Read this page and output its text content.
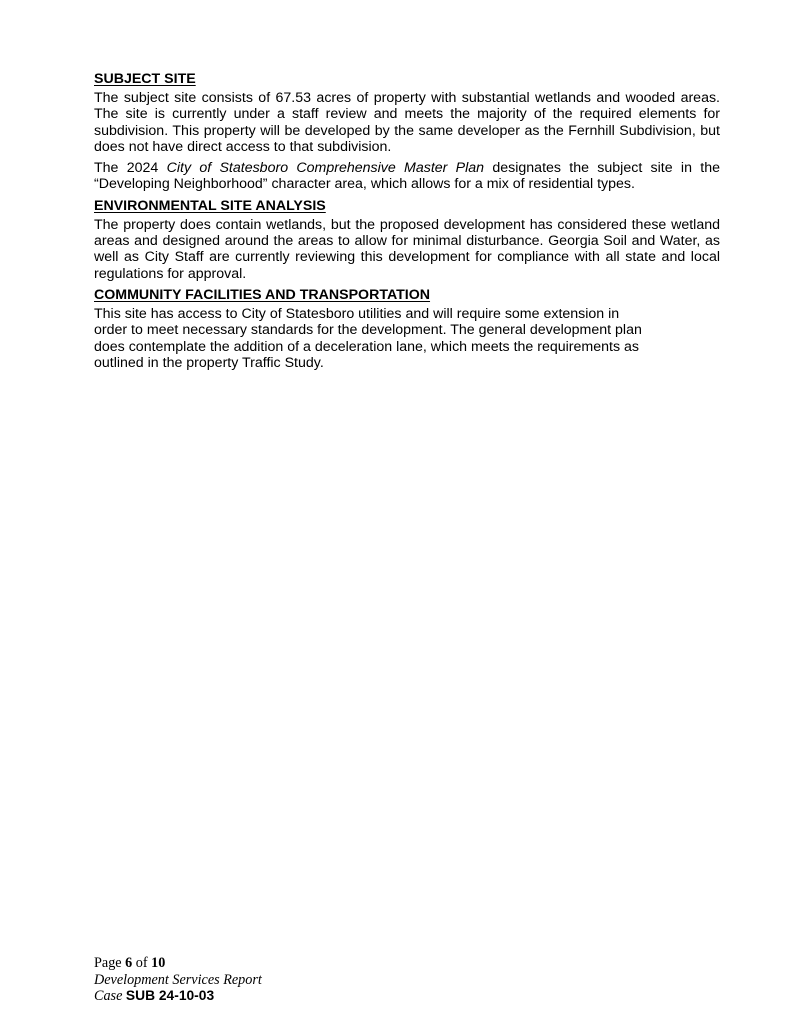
SUBJECT SITE

The subject site consists of 67.53 acres of property with substantial wetlands and wooded areas. The site is currently under a staff review and meets the majority of the required elements for subdivision. This property will be developed by the same developer as the Fernhill Subdivision, but does not have direct access to that subdivision.

The 2024 City of Statesboro Comprehensive Master Plan designates the subject site in the “Developing Neighborhood” character area, which allows for a mix of residential types.

ENVIRONMENTAL SITE ANALYSIS

The property does contain wetlands, but the proposed development has considered these wetland areas and designed around the areas to allow for minimal disturbance. Georgia Soil and Water, as well as City Staff are currently reviewing this development for compliance with all state and local regulations for approval.

COMMUNITY FACILITIES AND TRANSPORTATION

This site has access to City of Statesboro utilities and will require some extension in
order to meet necessary standards for the development. The general development plan
does contemplate the addition of a deceleration lane, which meets the requirements as
outlined in the property Traffic Study.

Page 6 of 10
Development Services Report
Case SUB 24-10-03
